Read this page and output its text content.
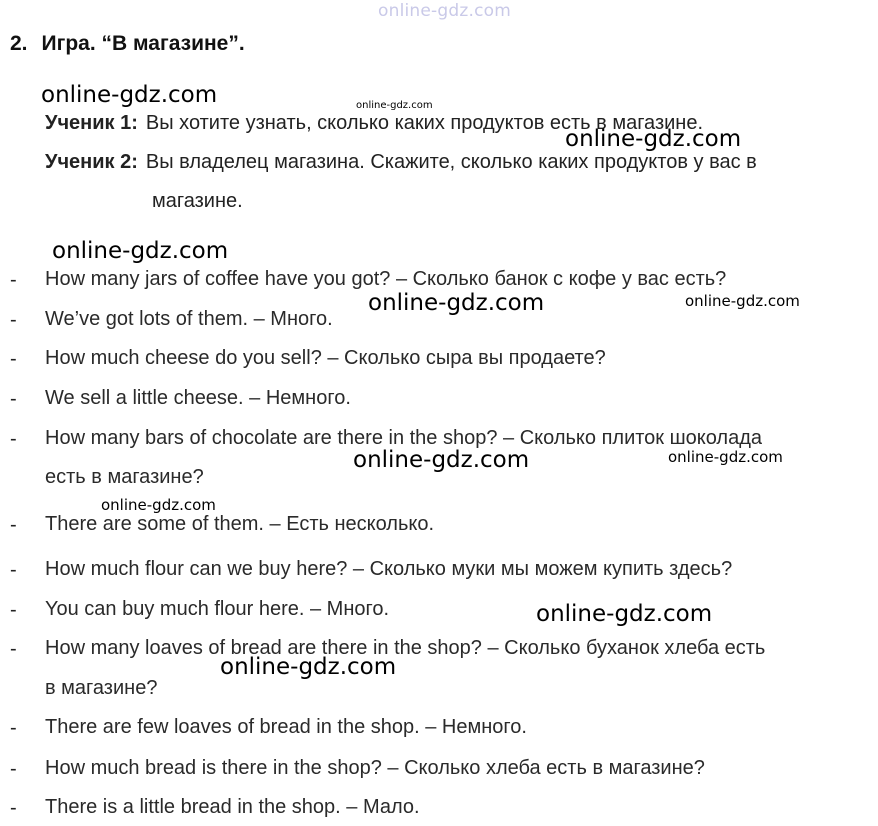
online-gdz.com
2. Игра. “В магазине”.
Ученик 1: Вы хотите узнать, сколько каких продуктов есть в магазине.
Ученик 2: Вы владелец магазина. Скажите, сколько каких продуктов у вас в
магазине.
- How many jars of coffee have you got? – Сколько банок с кофе у вас есть?
- We’ve got lots of them. – Много.
- How much cheese do you sell? – Сколько сыра вы продаете?
- We sell a little cheese. – Немного.
- How many bars of chocolate are there in the shop? – Сколько плиток шоколада
есть в магазине?
- There are some of them. – Есть несколько.
- How much flour can we buy here? – Сколько муки мы можем купить здесь?
- You can buy much flour here. – Много.
- How many loaves of bread are there in the shop? – Сколько буханок хлеба есть
в магазине?
- There are few loaves of bread in the shop. – Немного.
- How much bread is there in the shop? – Сколько хлеба есть в магазине?
- There is a little bread in the shop. – Мало.
online-gdz.com	online-gdz.com
online-gdz.com
online-gdz.com
online-gdz.com	online-gdz.com
online-gdz.com	online-gdz.com
online-gdz.com
online-gdz.com
online-gdz.com
